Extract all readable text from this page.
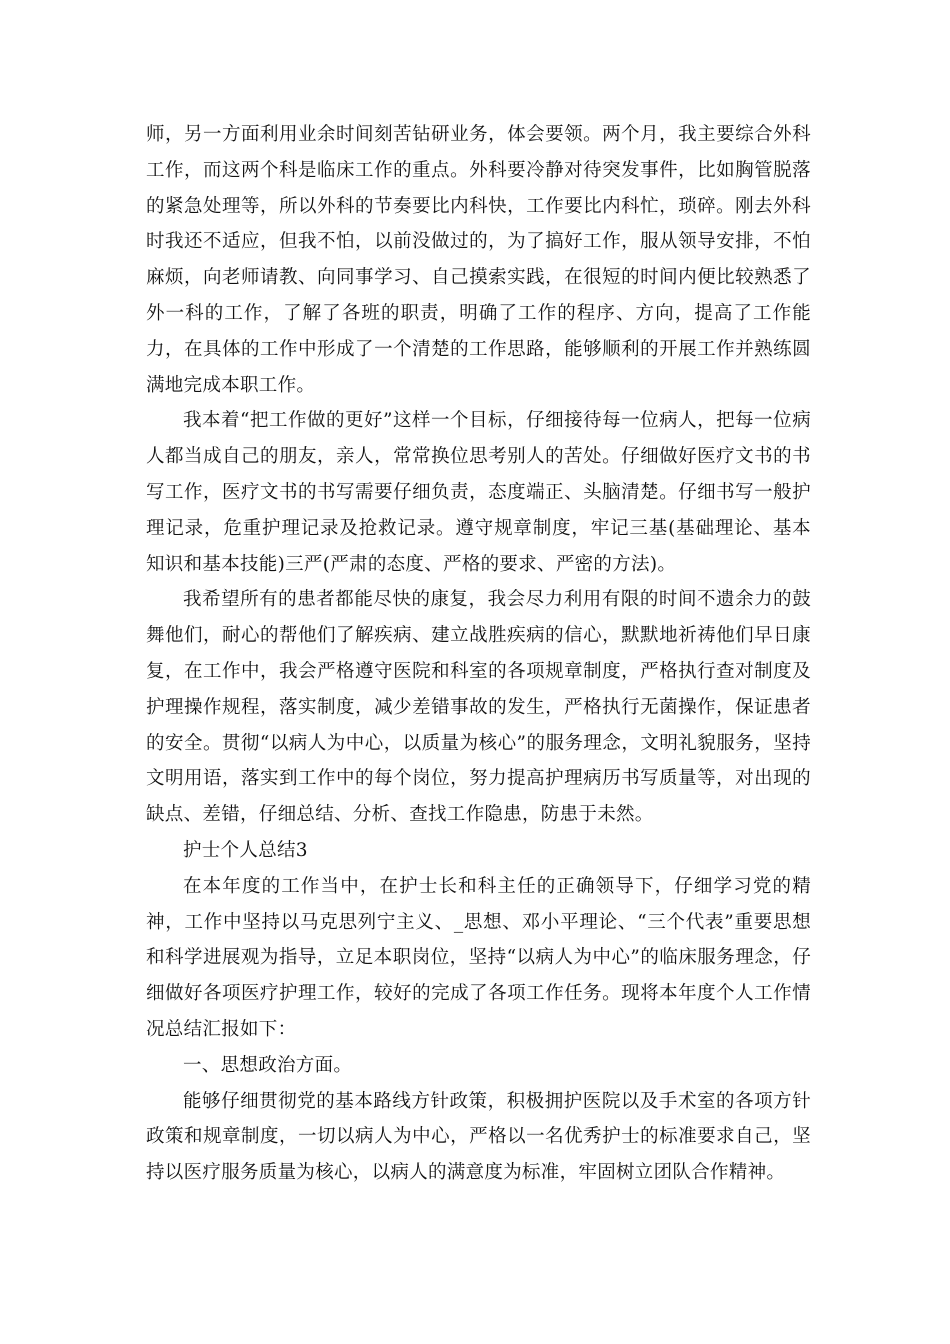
师，另一方面利用业余时间刻苦钻研业务，体会要领。两个月，我主要综合外科工作，而这两个科是临床工作的重点。外科要冷静对待突发事件，比如胸管脱落的紧急处理等，所以外科的节奏要比内科快，工作要比内科忙，琐碎。刚去外科时我还不适应，但我不怕，以前没做过的，为了搞好工作，服从领导安排，不怕麻烦，向老师请教、向同事学习、自己摸索实践，在很短的时间内便比较熟悉了外一科的工作，了解了各班的职责，明确了工作的程序、方向，提高了工作能力，在具体的工作中形成了一个清楚的工作思路，能够顺利的开展工作并熟练圆满地完成本职工作。

我本着“把工作做的更好”这样一个目标，仔细接待每一位病人，把每一位病人都当成自己的朋友，亲人，常常换位思考别人的苦处。仔细做好医疗文书的书写工作，医疗文书的书写需要仔细负责，态度端正、头脑清楚。仔细书写一般护理记录，危重护理记录及抢救记录。遵守规章制度，牢记三基(基础理论、基本知识和基本技能)三严(严肃的态度、严格的要求、严密的方法)。

我希望所有的患者都能尽快的康复，我会尽力利用有限的时间不遗余力的鼓舞他们，耐心的帮他们了解疾病、建立战胜疾病的信心，默默地祈祷他们早日康复，在工作中，我会严格遵守医院和科室的各项规章制度，严格执行查对制度及护理操作规程，落实制度，减少差错事故的发生，严格执行无菌操作，保证患者的安全。贯彻“以病人为中心，以质量为核心”的服务理念，文明礼貌服务，坚持文明用语，落实到工作中的每个岗位，努力提高护理病历书写质量等，对出现的缺点、差错，仔细总结、分析、查找工作隐患，防患于未然。

护士个人总结3

在本年度的工作当中，在护士长和科主任的正确领导下，仔细学习党的精神，工作中坚持以马克思列宁主义、_思想、邓小平理论、“三个代表”重要思想和科学进展观为指导，立足本职岗位，坚持“以病人为中心”的临床服务理念，仔细做好各项医疗护理工作，较好的完成了各项工作任务。现将本年度个人工作情况总结汇报如下：

一、思想政治方面。

能够仔细贯彻党的基本路线方针政策，积极拥护医院以及手术室的各项方针政策和规章制度，一切以病人为中心，严格以一名优秀护士的标准要求自己，坚持以医疗服务质量为核心，以病人的满意度为标准，牢固树立团队合作精神。
